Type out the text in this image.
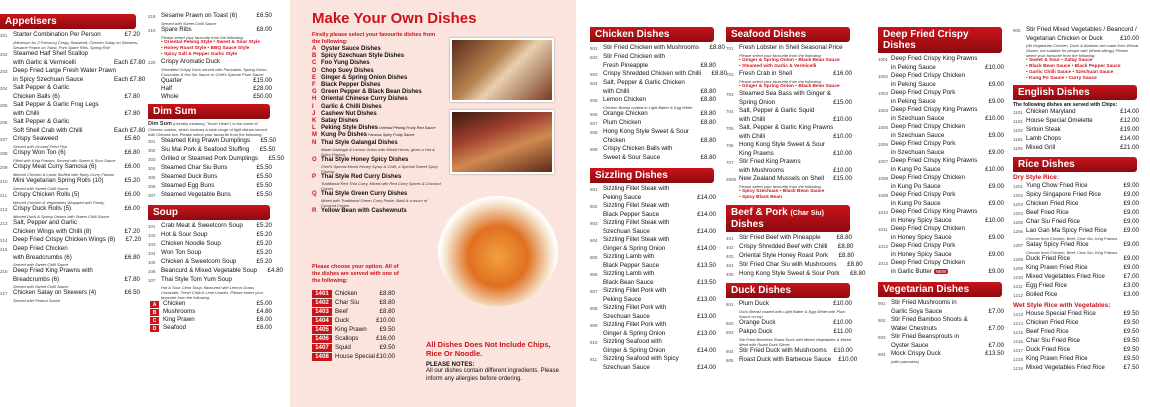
Appetisers
201 Starter Combination Per Person	£7.20
(Minimum for 2 Persons) Crispy Seaweed, Chicken Satay on Skewers, Sesame Prawn on Toast, Pork Spare Ribs, Spring Roll
202 Steamed Half Shell Scallop
with Garlic & Vermicelli	Each £7.80
203 Deep Fried Large Fresh Water Prawn
in Spicy Szechuan Sauce	Each £7.80
204 Salt Pepper & Garlic
Chicken Balls (6)	£7.80
205 Salt Pepper & Garlic Frog Legs
with Chilli	£7.80
206 Salt Pepper & Garlic
Soft Shell Crab with Chilli	Each £7.80
207 Crispy Seaweed	£5.60
Served with Ground Fried Fish
208 Crispy Won Ton (6)	£6.80
Filled with King Prawns, Served with Sweet & Sour Sauce
209 Crispy Meat Curry Samosa (6)	£6.00
Minced Chicken & Lamb Stuffed with Spicy Curry Flavour
210 Mini Vegetarian Spring Rolls (10)	£5.20
Served with Sweet Chilli Sauce
211 Crispy Chicken Rolls (5)	£6.00
Minced Chicken & Vegetables Wrapped with Pastry
212 Crispy Duck Rolls (5)	£6.00
Minced Duck & Spring Onions with Sweet Chilli Sauce
213 Salt, Pepper and Garlic
Chicken Wings with Chilli (8)	£7.20
214 Deep Fried Crispy Chicken Wings (8)	£7.20
215 Deep Fried Chicken
with Breadcrumbs (6)	£6.80
Served with Sweet Chilli Sauce
216 Deep Fried King Prawns with
Breadcrumbs (6)	£7.80
Served with Sweet Chilli Sauce
217 Chicken Satay on Skewers (4)	£6.50
Served with Peanut Sauce
218 Sesame Prawn on Toast (6)	£6.50
Served with Sweet Chilli Sauce
219 Spare Ribs	£8.00
Please select your favourite from the following:
• Oriental Peking Style • Sweet & Sour Style
• Honey Roast Style • BBQ Sauce Style
• Spicy Salt & Pepper Garlic Style
220 Crispy Aromatic Duck
Shredded Crispy Duck served with Pancakes, Spring Onion, Cucumber & Hoi Sin Sauce or Chef's Special Plum Sauce
Quarter	£15.00
Half	£28.00
Whole	£50.00
Dim Sum
Dim Sum (Literally meaning "Touch Heart") is the name of Chinese cuisine, which involves a wide range of light dishes served with Chinese tea. Please select your favourite from the following:
301 Steamed King Prawn Dumplings	£5.50
302 Siu Mai Pork & Seafood Stuffing	£5.50
303 Grilled or Steamed Pork Dumplings	£5.50
304 Steamed Char Siu Buns	£5.50
305 Steamed Duck Buns	£5.50
306 Steamed Egg Buns	£5.50
307 Steamed Vegetable Buns	£5.50
Soup
101 Crab Meat & Sweetcorn Soup	£5.20
102 Hot & Sour Soup	£5.20
103 Chicken Noodle Soup	£5.20
104 Won Ton Soup	£5.20
105 Chicken & Sweetcorn Soup	£5.20
106 Beancurd & Mixed Vegetable Soup	£4.80
107 Thai Style Tom Yum Soup
Hot & Sour Clear Soup, flavoured with Lemon Grass, Coriander, Fresh Chilli & Lime Leaves. Please select your favourite from the following:
A	Chicken	£5.00
B	Mushrooms	£4.80
C	King Prawn	£6.00
D	Seafood	£6.00
Make Your Own Dishes
Firstly please select your favourite dishes from the following:
A Oyster Sauce Dishes
B Spicy Szechuan Style Dishes
C Foo Yung Dishes
D Chop Suey Dishes
E Ginger & Spring Onion Dishes
F Black Pepper Dishes
G Green Pepper & Black Bean Dishes
H Oriental Chinese Curry Dishes
I	Garlic & Chilli Dishes
J Cashew Nut Dishes
K Satay Dishes
L Peking Style Dishes Oriental Peking Fruity Red Sauce
M Kung Po Dishes Famous Spicy Fruity Sauce
N Thai Style Galangal Dishes
Made Galangal & Lemon Grass with Mixed Herbs, gives a Hot & Spicy Flavour
O Thai Style Honey Spicy Dishes
Chef's Special Mixed Honey Syrup & Chilli, a Special Sweet Spicy Flavour
P Thai Style Red Curry Dishes
Traditional Red Thai Curry, Mixed with Red Curry Spices & Coconut Cream
Q Thai Style Green Curry Dishes
Mixed with Traditional Green Curry Paste, Basil & a touch of Coconut Cream
R Yellow Bean with Cashewnuts
Please choose your option. All of the dishes are served with one of the following:
1401 Chicken	£8.80
1402 Char Siu	£8.80
1403 Beef	£8.80
1404 Duck	£10.00
1405 King Prawn	£9.50
1406 Scallops	£16.00
1407 Squid	£9.50
1408 House Special £10.00
All Dishes Does Not Include Chips, Rice Or Noodle.
PLEASE NOTES:
All our dishes contain different ingredients. Please inform any allergies before ordering.
Chicken Dishes
501 Stir Fried Chicken with Mushrooms	£8.80
502 Stir Fried Chicken with
Fresh Pineapple	£8.80
503 Crispy Shredded Chicken with Chilli	£8.80
504 Salt, Pepper & Garlic Chicken
with Chilli	£8.80
505 Lemon Chicken	£8.80
Chicken Breast coated in Light Batter & Egg White
506 Orange Chicken	£8.80
507 Plum Chicken	£8.80
508 Hong Kong Style Sweet & Sour
Chicken	£8.80
509 Crispy Chicken Balls with
Sweet & Sour Sauce	£8.80
Sizzling Dishes
801 Sizzling Fillet Steak with
Peking Sauce	£14.00
802 Sizzling Fillet Steak with
Black Pepper Sauce	£14.00
803 Sizzling Fillet Steak with
Szechuan Sauce	£14.00
804 Sizzling Fillet Steak with
Ginger & Spring Onion	£14.00
805 Sizzling Lamb with
Black Pepper Sauce	£13.50
806 Sizzling Lamb with
Black Bean Sauce	£13.50
807 Sizzling Fillet Pork with
Peking Sauce	£13.00
808 Sizzling Fillet Pork with
Szechuan Sauce	£13.00
809 Sizzling Fillet Pork with
Ginger & Spring Onion	£13.00
810 Sizzling Seafood with
Ginger & Spring Onion	£14.00
811 Sizzling Seafood with Spicy
Szechuan Sauce	£14.00
Seafood Dishes
701 Fresh Lobster in Shell Seasonal Price
Please select your favourite from the following:
• Ginger & Spring Onion • Black Bean Sauce
• Steamed with Garlic & Vermicelli
702 Fresh Crab in Shell	£16.00
Please select your favourite from the following:
• Ginger & Spring Onion • Black Bean Sauce
703 Steamed Sea Bass with Ginger &
Spring Onion	£15.00
704 Salt, Pepper & Garlic Squid
with Chilli	£10.00
705 Salt, Pepper & Garlic King Prawns
with Chilli	£10.00
706 Hong Kong Style Sweet & Sour
King Prawns	£10.00
707 Stir Fried King Prawns
with Mushrooms	£10.00
2808 New Zealand Mussels on Shell	£15.00
Please select your favourite from the following:
• Spicy Szechuan • Black Bean Sauce
• Spicy Black Bean
Beef & Pork (Char Siu)
Dishes
401 Stir Fried Beef with Pineapple	£8.80
402 Crispy Shredded Beef with Chilli	£8.80
403 Oriental Style Honey Roast Pork	£8.80
404 Stir Fried Char Siu with Mushrooms	£8.80
405 Hong Kong Style Sweet & Sour Pork	£8.80
Duck Dishes
601 Plum Duck	£10.00
Duck Breast coated with Light Batter & Egg White with Plum Sauce on top
602 Orange Duck	£10.00
603 Pakpo Duck	£11.00
Stir Fried Boneless Roast Duck with Mixed Vegetables & Mixed Meat with Roast Duck Slices
604 Stir Fried Duck with Mushrooms	£10.00
605 Roast Duck with Barbecue Sauce	£10.00
Deep Fried Crispy Dishes
1001 Deep Fried Crispy King Prawns
in Peking Sauce	£10.00
1002 Deep Fried Crispy Chicken
in Peking Sauce	£9.00
1003 Deep Fried Crispy Pork
in Peking Sauce	£9.00
1004 Deep Fried Crispy King Prawns
in Szechuan Sauce	£10.00
1005 Deep Fried Crispy Chicken
in Szechuan Sauce	£9.00
1006 Deep Fried Crispy Pork
in Szechuan Sauce	£9.00
1007 Deep Fried Crispy King Prawns
in Kung Po Sauce	£10.00
1008 Deep Fried Crispy Chicken
in Kung Po Sauce	£9.00
1009 Deep Fried Crispy Pork
in Kung Po Sauce	£9.00
1010 Deep Fried Crispy King Prawns
in Honey Spicy Sauce	£10.00
1011 Deep Fried Crispy Chicken
in Honey Spicy Sauce	£9.00
1012 Deep Fried Crispy Pork
in Honey Spicy Sauce	£9.00
1013 Deep Fried Crispy Chicken
in Garlic Butter NEW	£9.00
Vegetarian Dishes
901 Stir Fried Mushrooms in
Garlic Soya Sauce	£7.00
902 Stir Fried Bamboo Shoots &
Water Chestnuts	£7.00
903 Stir Fried Beansprouts in
Oyster Sauce	£7.00
904 Mock Crispy Duck	£13.50
(with pancakes)
905 Stir Fried Mixed Vegetables / Beancurd /
Vegetarian Chicken or Duck	£10.00
(All Vegetarian Chicken, Duck & Abalone are made form Wheat Gluten, not suitable for people with Wheat allergy) Please select your favourite from the following:
• Sweet & Sour • Satay Sauce
• Black Bean Sauce • Black Pepper Sauce
• Garlic Chilli Sauce • Szechuan Sauce
• Kung Po Sauce • Curry Sauce
English Dishes
The following dishes are served with Chips:
1101 Chicken Maryland	£14.00
1102 House Special Omelette	£12.00
1103 Sirloin Steak	£19.00
1104 Lamb Chops	£14.00
1105 Mixed Grill	£21.00
Rice Dishes
Dry Style Rice:
1201 Yung Chow Fried Rice	£9.00
1202 Spicy Singapore Fried Rice	£9.00
1203 Chicken Fried Rice	£9.00
1204 Beef Fried Rice	£9.00
1205 Char Siu Fried Rice	£9.00
1206 Lao Gan Ma Spicy Fried Rice	£9.00
Choose from Chicken, Beef, Char Siu, King Prawns
1207 Satay Spicy Fried Rice	£9.00
Choose from Chicken, Beef, Char Siu, King Prawns
1208 Duck Fried Rice	£9.00
1209 King Prawn Fried Rice	£9.00
1210 Mixed Vegetables Fried Rice	£7.00
1211 Egg Fried Rice	£3.00
1212 Boiled Rice	£3.00
Wet Style Rice with Vegetables:
1213 House Special Fried Rice	£9.50
1214 Chicken Fried Rice	£9.50
1215 Beef Fried Rice	£9.50
1216 Char Siu Fried Rice	£9.50
1217 Duck Fried Rice	£9.50
1218 King Prawn Fried Rice	£9.50
1219 Mixed Vegetables Fried Rice	£7.50
